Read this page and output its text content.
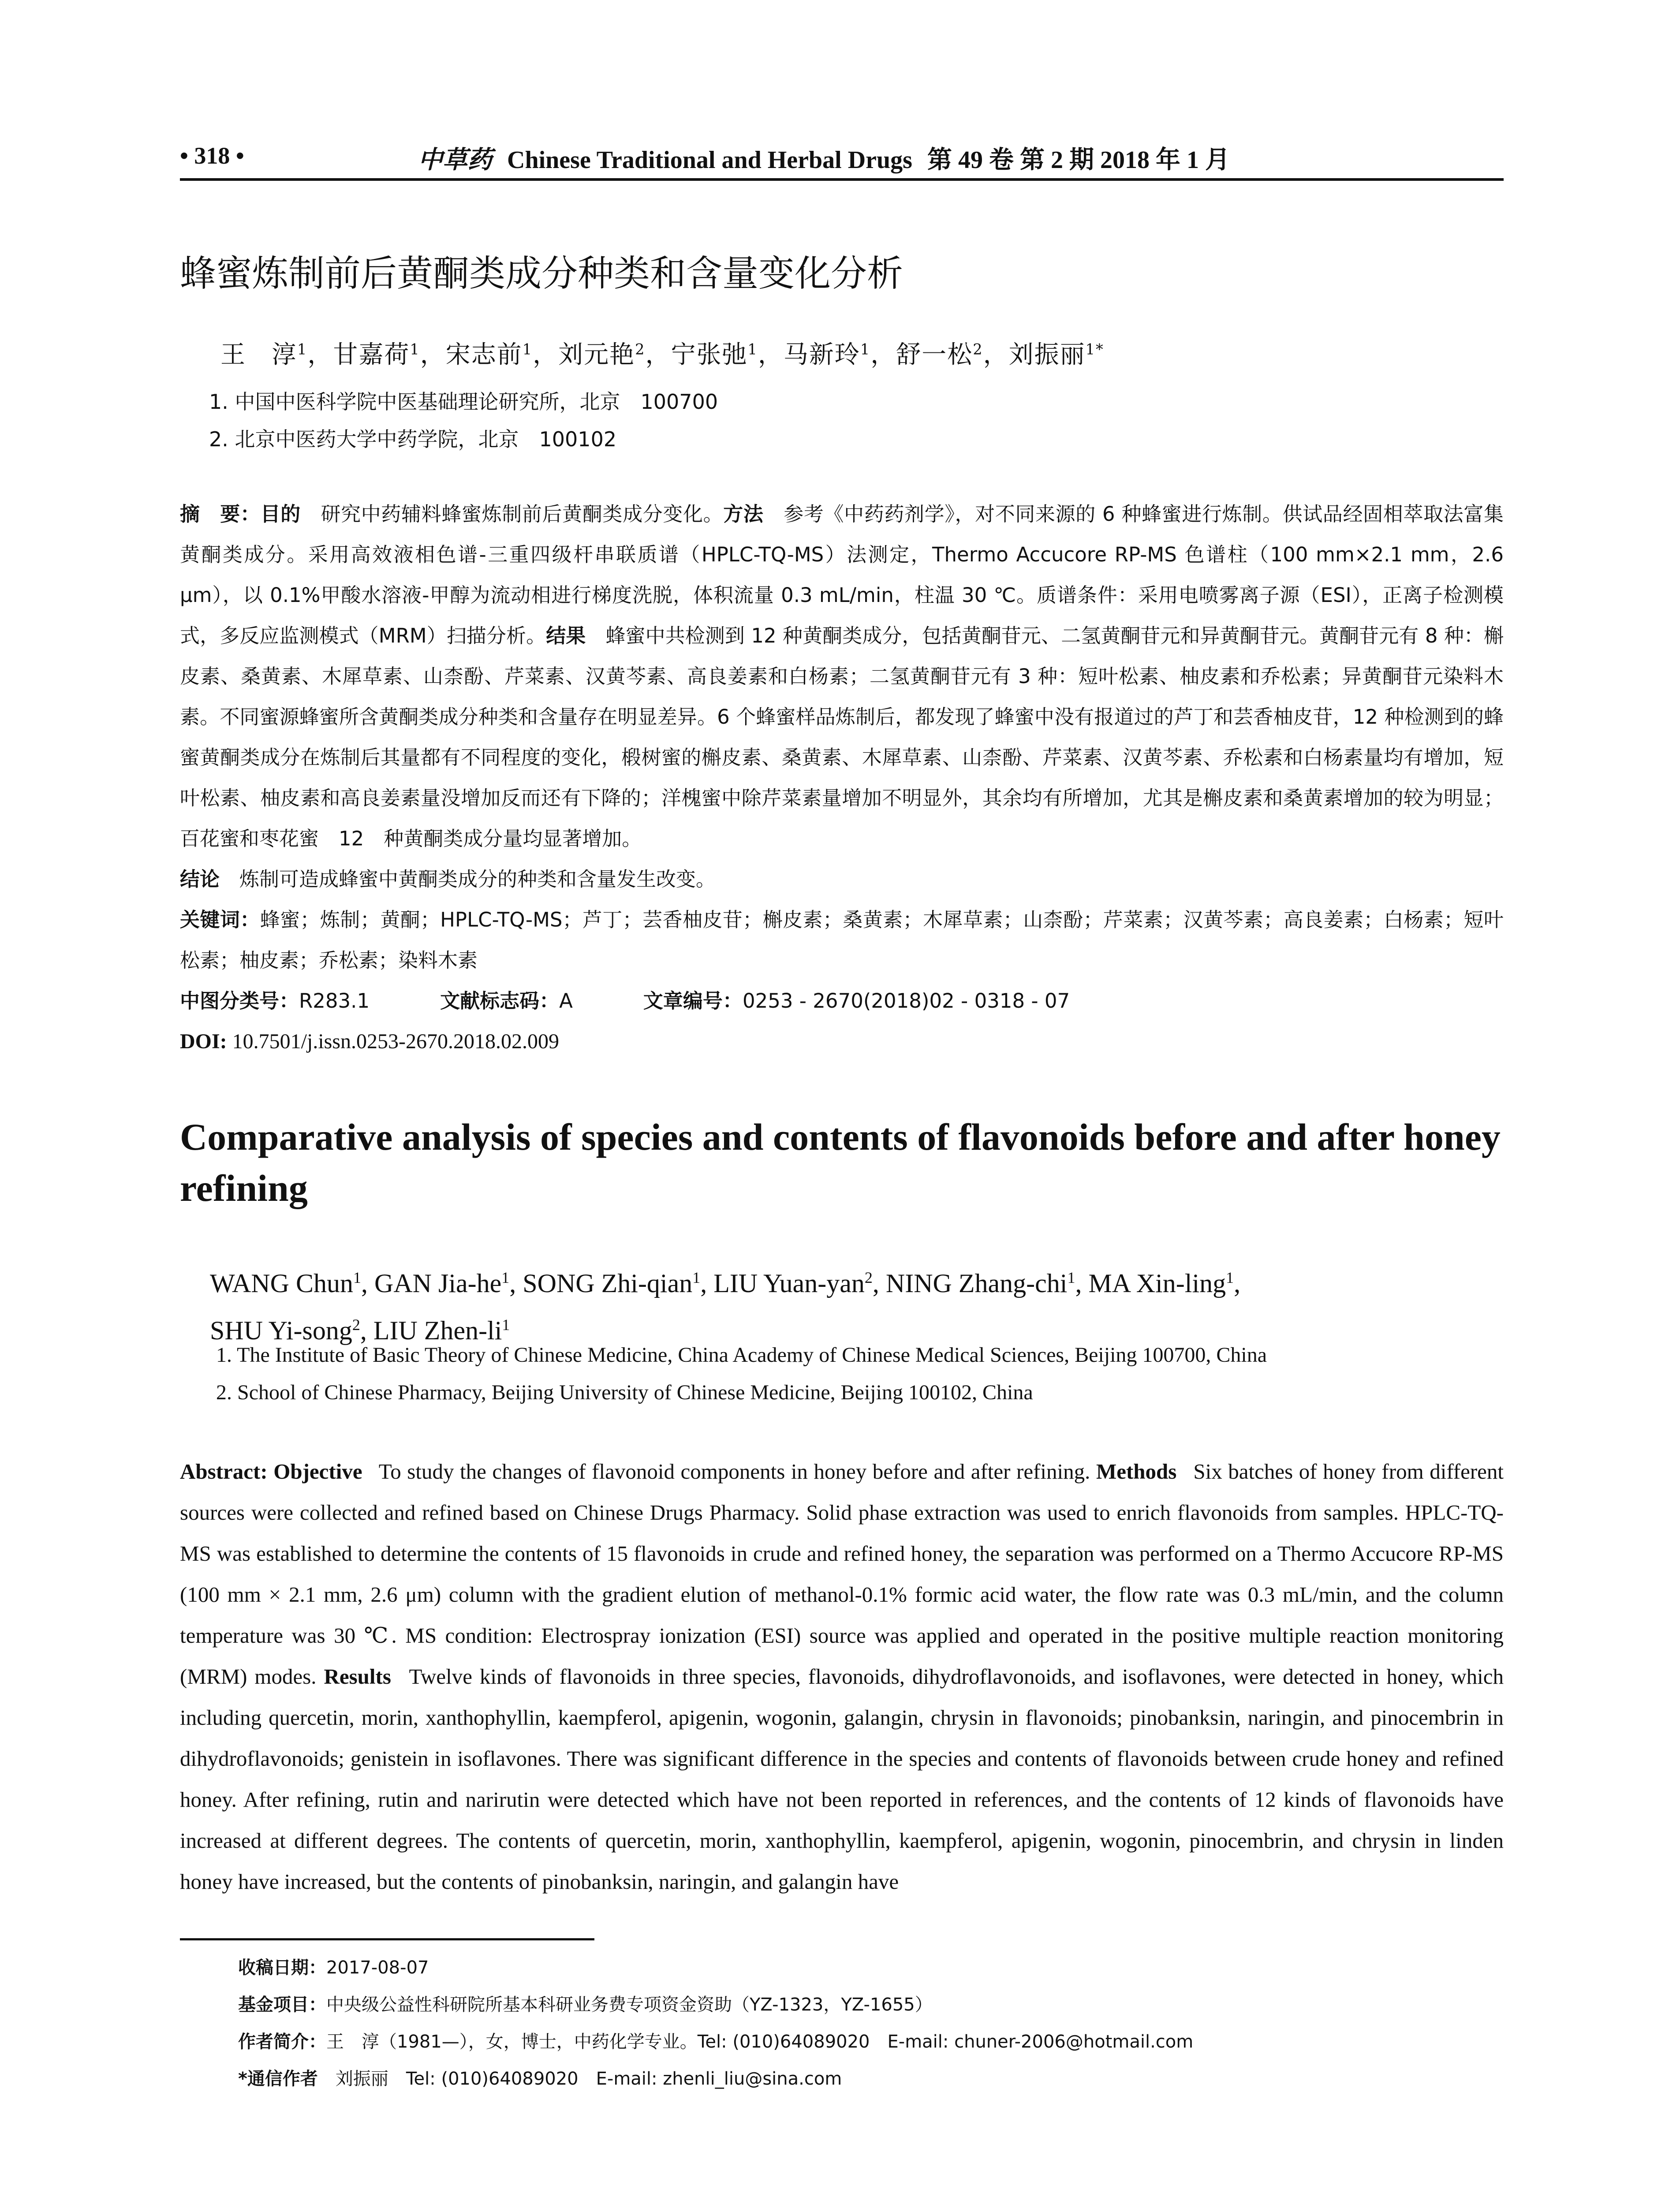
• 318 •	中草药 Chinese Traditional and Herbal Drugs 第 49 卷 第 2 期 2018 年 1 月
蜂蜜炼制前后黄酮类成分种类和含量变化分析
王　淳$^1$，甘嘉荷$^1$，宋志前$^1$，刘元艳$^2$，宁张弛$^1$，马新玲$^1$，舒一松$^2$，刘振丽$^{1*}$
1. 中国中医科学院中医基础理论研究所，北京　100700
2. 北京中医药大学中药学院，北京　100102

摘　要：目的  研究中药辅料蜂蜜炼制前后黄酮类成分变化。方法  参考《中药药剂学》，对不同来源的 6 种蜂蜜进行炼制。供试品经固相萃取法富集黄酮类成分。采用高效液相色谱-三重四级杆串联质谱（HPLC-TQ-MS）法测定，Thermo Accucore RP-MS 色谱柱（100 mm×2.1 mm，2.6 μm），以 0.1%甲酸水溶液-甲醇为流动相进行梯度洗脱，体积流量 0.3 mL/min，柱温 30 ℃。质谱条件：采用电喷雾离子源（ESI），正离子检测模式，多反应监测模式（MRM）扫描分析。结果  蜂蜜中共检测到 12 种黄酮类成分，包括黄酮苷元、二氢黄酮苷元和异黄酮苷元。黄酮苷元有 8 种：槲皮素、桑黄素、木犀草素、山柰酚、芹菜素、汉黄芩素、高良姜素和白杨素；二氢黄酮苷元有 3 种：短叶松素、柚皮素和乔松素；异黄酮苷元染料木素。不同蜜源蜂蜜所含黄酮类成分种类和含量存在明显差异。6 个蜂蜜样品炼制后，都发现了蜂蜜中没有报道过的芦丁和芸香柚皮苷，12 种检测到的蜂蜜黄酮类成分在炼制后其量都有不同程度的变化，椴树蜜的槲皮素、桑黄素、木犀草素、山柰酚、芹菜素、汉黄芩素、乔松素和白杨素量均有增加，短叶松素、柚皮素和高良姜素量没增加反而还有下降的；洋槐蜜中除芹菜素量增加不明显外，其余均有所增加，尤其是槲皮素和桑黄素增加的较为明显；百花蜜和枣花蜜　12　种黄酮类成分量均显著增加。
结论  炼制可造成蜂蜜中黄酮类成分的种类和含量发生改变。

关键词：蜂蜜；炼制；黄酮；HPLC-TQ-MS；芦丁；芸香柚皮苷；槲皮素；桑黄素；木犀草素；山柰酚；芹菜素；汉黄芩素；高良姜素；白杨素；短叶松素；柚皮素；乔松素；染料木素

中图分类号：R283.1	文献标志码：A	文章编号：0253 - 2670(2018)02 - 0318 - 07

DOI: 10.7501/j.issn.0253-2670.2018.02.009

Comparative analysis of species and contents of flavonoids before and after honey refining
WANG Chun$^1$, GAN Jia-$he^1$, SONG Zhi-qian$^1$, LIU Yuan-yan$^2$, NING Zhang-chi$^1$, MA Xin-ling$^1$,
SHU Yi-song$^2$, LIU Zhen-$li^1$
1. The Institute of Basic Theory of Chinese Medicine, China Academy of Chinese Medical Sciences, Beijing 100700, China
2. School of Chinese Pharmacy, Beijing University of Chinese Medicine, Beijing 100102, China
Abstract: Objective  To study the changes of flavonoid components in honey before and after refining. Methods  Six batches of honey from different sources were collected and refined based on Chinese Drugs Pharmacy. Solid phase extraction was used to enrich flavonoids from samples. HPLC-TQ-MS was established to determine the contents of 15 flavonoids in crude and refined honey, the separation was performed on a Thermo Accucore RP-MS (100 mm × 2.1 mm, 2.6 μm) column with the gradient elution of methanol-0.1% formic acid water, the flow rate was 0.3 mL/min, and the column temperature was 30 ℃. MS condition: Electrospray ionization (ESI) source was applied and operated in the positive multiple reaction monitoring (MRM) modes. Results  Twelve kinds of flavonoids in three species, flavonoids, dihydroflavonoids, and isoflavones, were detected in honey, which including quercetin, morin, xanthophyllin, kaempferol, apigenin, wogonin, galangin, chrysin in flavonoids; pinobanksin, naringin, and pinocembrin in dihydroflavonoids; genistein in isoflavones. There was significant difference in the species and contents of flavonoids between crude honey and refined honey. After refining, rutin and narirutin were detected which have not been reported in references, and the contents of 12 kinds of flavonoids have increased at different degrees. The contents of quercetin, morin, xanthophyllin, kaempferol, apigenin, wogonin, pinocembrin, and chrysin in linden honey have increased, but the contents of pinobanksin, naringin, and galangin have
收稿日期：2017-08-07
基金项目：中央级公益性科研院所基本科研业务费专项资金资助（YZ-1323，YZ-1655）
作者简介：王　淳（1981—），女，博士，中药化学专业。Tel: (010)64089020　E-mail: chuner-2006@hotmail.com
*通信作者  刘振丽　Tel: (010)64089020　E-mail: zhenli_liu@sina.com
